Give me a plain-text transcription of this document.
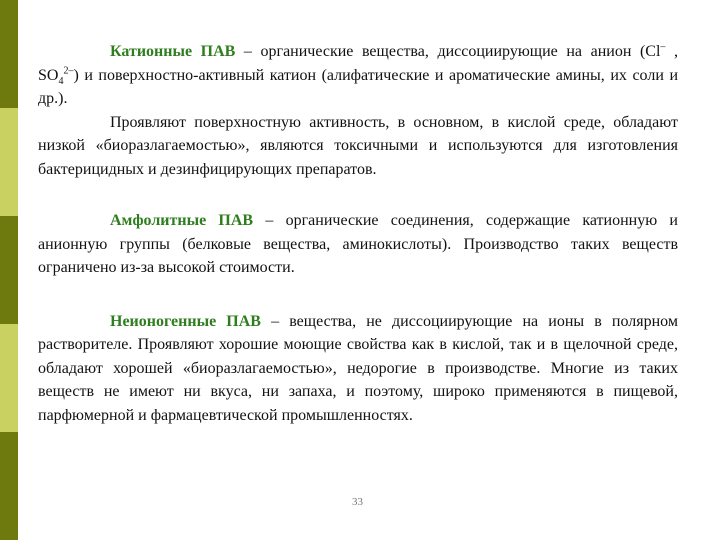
Катионные ПАВ – органические вещества, диссоциирующие на анион (Cl– , $SO_4^{2-}$) и поверхностно-активный катион (алифатические и ароматические амины, их соли и др.).

Проявляют поверхностную активность, в основном, в кислой среде, обладают низкой «биоразлагаемостью», являются токсичными и используются для изготовления бактерицидных и дезинфицирующих препаратов.

Амфолитные ПАВ – органические соединения, содержащие катионную и анионную группы (белковые вещества, аминокислоты). Производство таких веществ ограничено из-за высокой стоимости.

Неионогенные ПАВ – вещества, не диссоциирующие на ионы в полярном растворителе. Проявляют хорошие моющие свойства как в кислой, так и в щелочной среде, обладают хорошей «биоразлагаемостью», недорогие в производстве. Многие из таких веществ не имеют ни вкуса, ни запаха, и поэтому, широко применяются в пищевой, парфюмерной и фармацевтической промышленностях.

33
